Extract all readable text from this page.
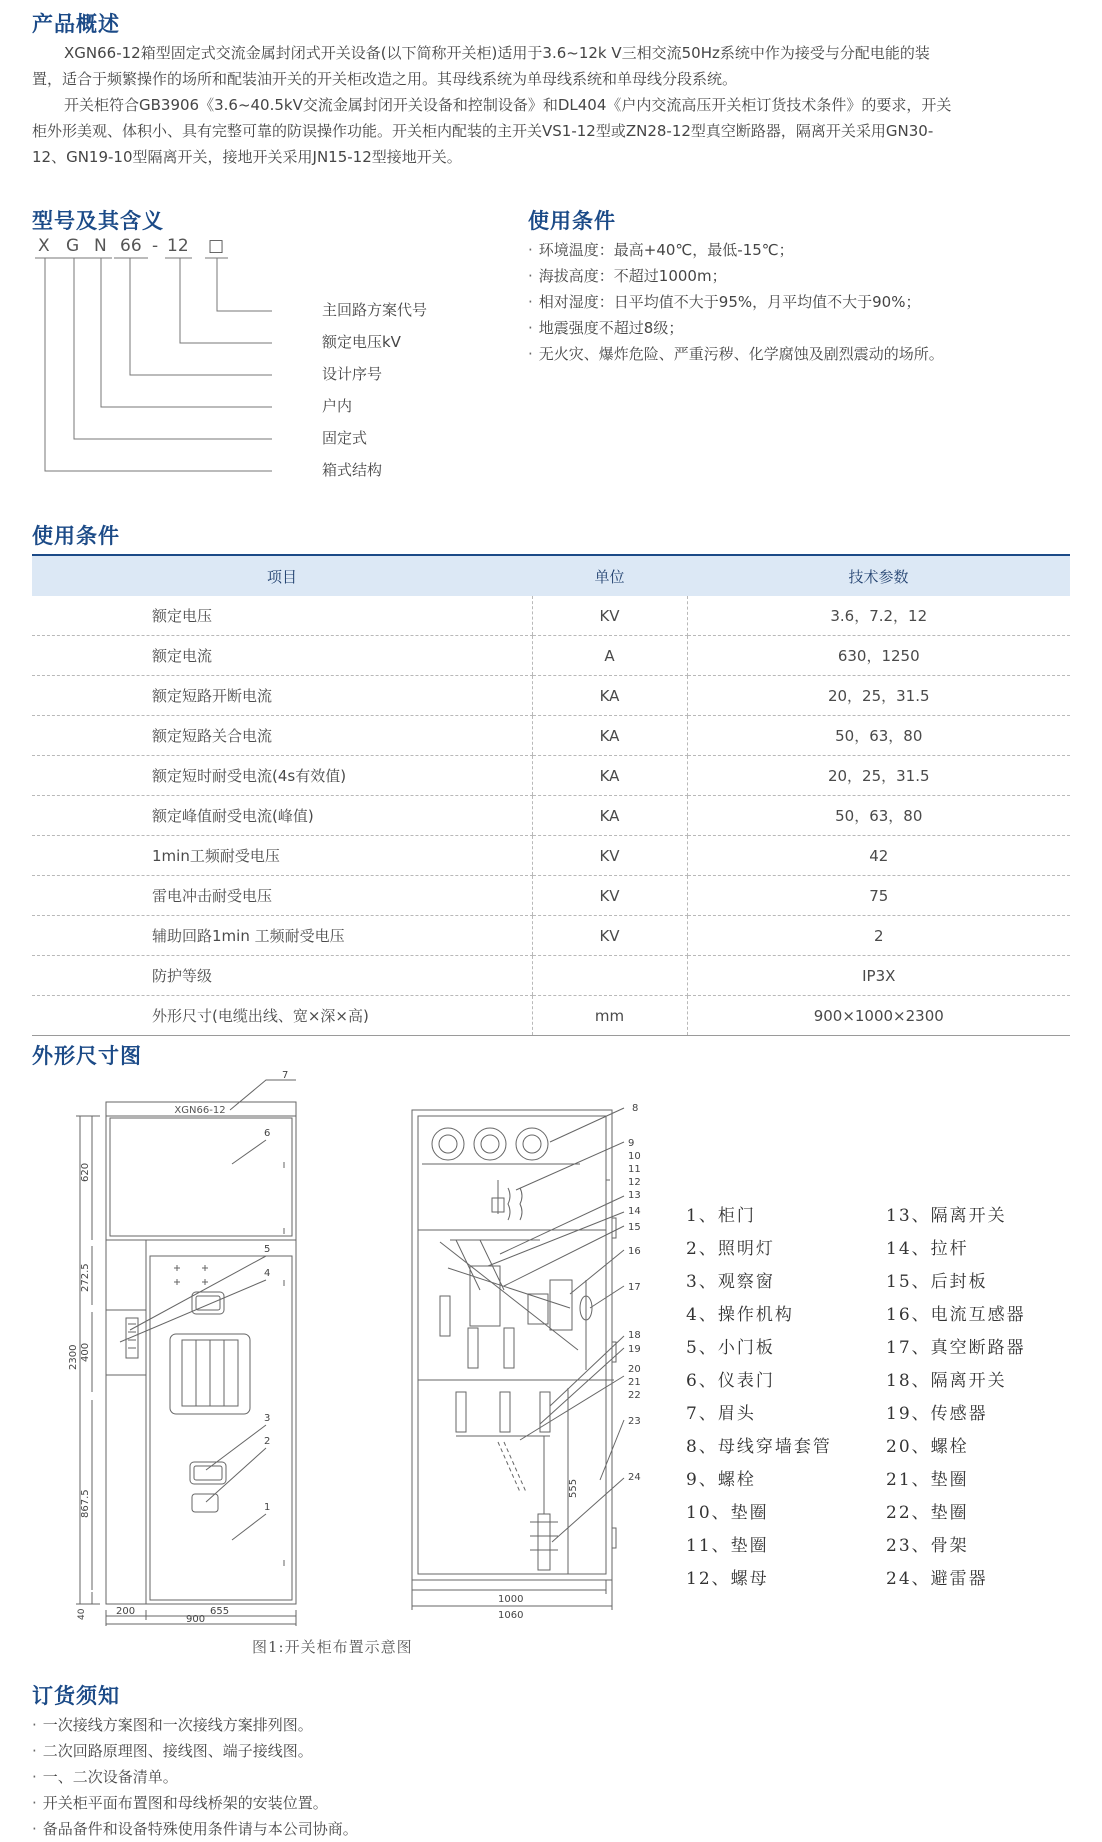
产品概述
XGN66-12箱型固定式交流金属封闭式开关设备(以下简称开关柜)适用于3.6~12k V三相交流50Hz系统中作为接受与分配电能的装
置，适合于频繁操作的场所和配装油开关的开关柜改造之用。其母线系统为单母线系统和单母线分段系统。
开关柜符合GB3906《3.6~40.5kV交流金属封闭开关设备和控制设备》和DL404《户内交流高压开关柜订货技术条件》的要求，开关
柜外形美观、体积小、具有完整可靠的防误操作功能。开关柜内配装的主开关VS1-12型或ZN28-12型真空断路器，隔离开关采用GN30-
12、GN19-10型隔离开关，接地开关采用JN15-12型接地开关。
型号及其含义
X G N 66 - 12 □
主回路方案代号
额定电压kV
设计序号
户内
固定式
箱式结构
使用条件
· 环境温度：最高+40℃，最低-15℃；
· 海拔高度：不超过1000m；
· 相对湿度：日平均值不大于95%，月平均值不大于90%；
· 地震强度不超过8级；
· 无火灾、爆炸危险、严重污秽、化学腐蚀及剧烈震动的场所。
使用条件
项目	单位	技术参数
额定电压	KV	3.6，7.2，12
额定电流	A	630，1250
额定短路开断电流	KA	20，25，31.5
额定短路关合电流	KA	50，63，80
额定短时耐受电流(4s有效值)	KA	20，25，31.5
额定峰值耐受电流(峰值)	KA	50，63，80
1min工频耐受电压	KV	42
雷电冲击耐受电压	KV	75
辅助回路1min 工频耐受电压	KV	2
防护等级		IP3X
外形尺寸(电缆出线、宽×深×高)	mm	900×1000×2300
外形尺寸图
XGN66-12
7
6
5
4
3
2
1
620
272.5
400
2300
867.5
40	200	655
900
8
9
10
11
12
13
14
15
16
17
18
19
20
21
22
23
24
555
1000
1060
1、柜门
2、照明灯
3、观察窗
4、操作机构
5、小门板
6、仪表门
7、眉头
8、母线穿墙套管
9、螺栓
10、垫圈
11、垫圈
12、螺母
13、隔离开关
14、拉杆
15、后封板
16、电流互感器
17、真空断路器
18、隔离开关
19、传感器
20、螺栓
21、垫圈
22、垫圈
23、骨架
24、避雷器
图1:开关柜布置示意图
订货须知
· 一次接线方案图和一次接线方案排列图。
· 二次回路原理图、接线图、端子接线图。
· 一、二次设备清单。
· 开关柜平面布置图和母线桥架的安装位置。
· 备品备件和设备特殊使用条件请与本公司协商。
